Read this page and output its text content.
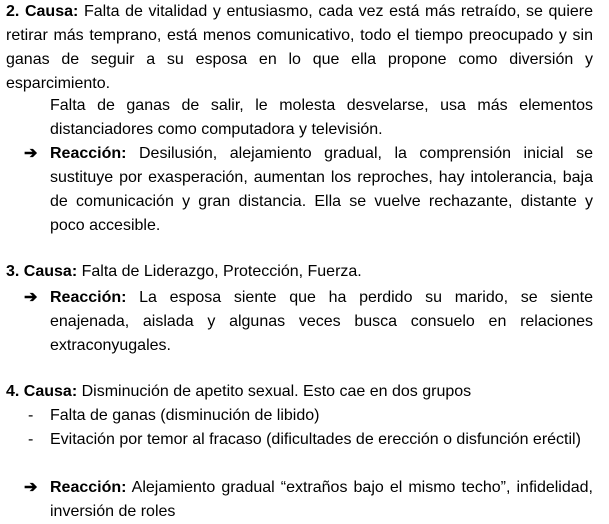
2. Causa: Falta de vitalidad y entusiasmo, cada vez está más retraído, se quiere retirar más temprano, está menos comunicativo, todo el tiempo preocupado y sin ganas de seguir a su esposa en lo que ella propone como diversión y esparcimiento.

Falta de ganas de salir, le molesta desvelarse, usa más elementos distanciadores como computadora y televisión.

➔ Reacción: Desilusión, alejamiento gradual, la comprensión inicial se sustituye por exasperación, aumentan los reproches, hay intolerancia, baja de comunicación y gran distancia. Ella se vuelve rechazante, distante y poco accesible.

3. Causa: Falta de Liderazgo, Protección, Fuerza.

➔ Reacción: La esposa siente que ha perdido su marido, se siente enajenada, aislada y algunas veces busca consuelo en relaciones extraconyugales.

4. Causa: Disminución de apetito sexual. Esto cae en dos grupos

- Falta de ganas (disminución de libido)
- Evitación por temor al fracaso (dificultades de erección o disfunción eréctil)
➔ Reacción: Alejamiento gradual “extraños bajo el mismo techo”, infidelidad, inversión de roles
